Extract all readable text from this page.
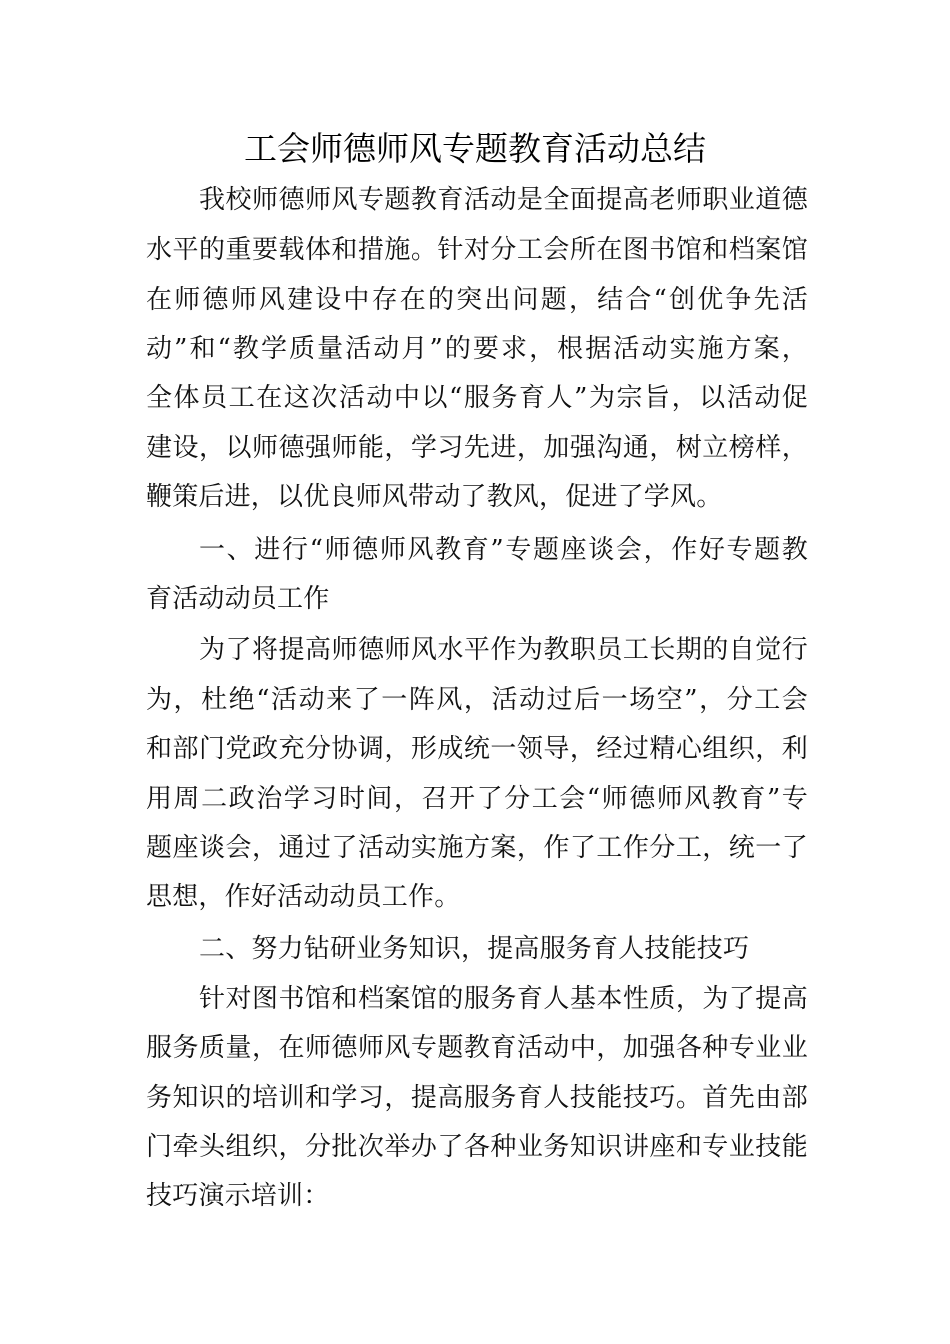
工会师德师风专题教育活动总结
我校师德师风专题教育活动是全面提高老师职业道德
水平的重要载体和措施。针对分工会所在图书馆和档案馆
在师德师风建设中存在的突出问题，结合“创优争先活
动”和“教学质量活动月”的要求，根据活动实施方案，
全体员工在这次活动中以“服务育人”为宗旨，以活动促
建设，以师德强师能，学习先进，加强沟通，树立榜样，
鞭策后进，以优良师风带动了教风，促进了学风。
一、进行“师德师风教育”专题座谈会，作好专题教
育活动动员工作
为了将提高师德师风水平作为教职员工长期的自觉行
为，杜绝“活动来了一阵风，活动过后一场空”，分工会
和部门党政充分协调，形成统一领导，经过精心组织，利
用周二政治学习时间，召开了分工会“师德师风教育”专
题座谈会，通过了活动实施方案，作了工作分工，统一了
思想，作好活动动员工作。
二、努力钻研业务知识，提高服务育人技能技巧
针对图书馆和档案馆的服务育人基本性质，为了提高
服务质量，在师德师风专题教育活动中，加强各种专业业
务知识的培训和学习，提高服务育人技能技巧。首先由部
门牵头组织，分批次举办了各种业务知识讲座和专业技能
技巧演示培训：
